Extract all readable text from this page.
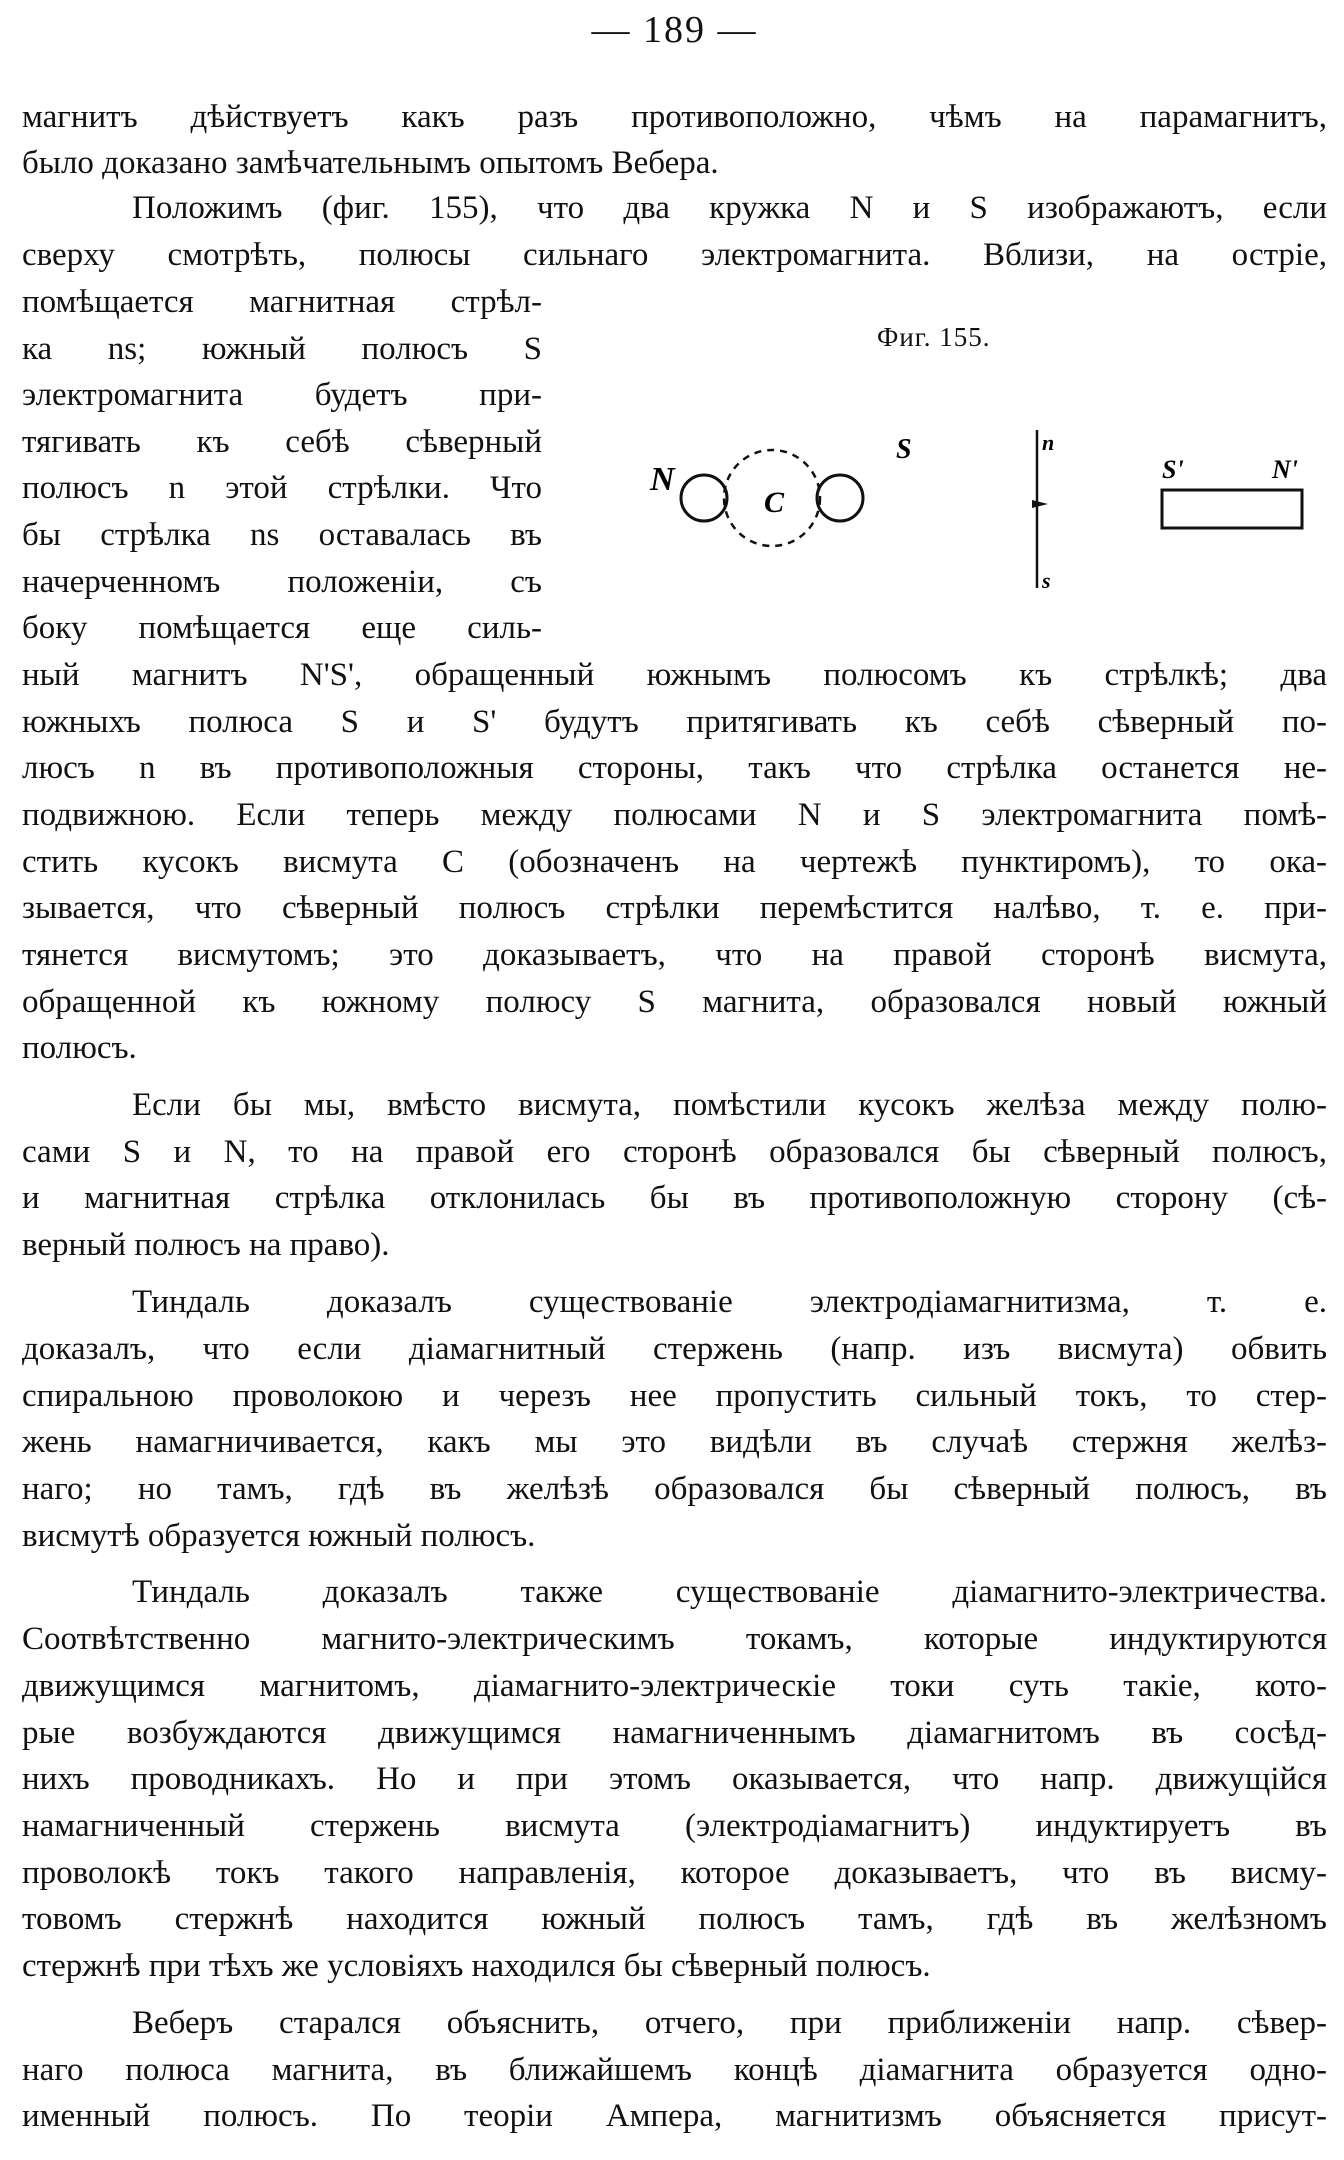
— 189 —
Фиг. 155.
N
C
S	n
s
S'	N'
магнитъ дѣйствуетъ какъ разъ противоположно, чѣмъ на парамагнитъ,
было доказано замѣчательнымъ опытомъ Вебера.
Положимъ (фиг. 155), что два кружка N и S изображаютъ, если
сверху смотрѣть, полюсы сильнаго электромагнита. Вблизи, на остріе,
помѣщается магнитная стрѣл-
ка ns; южный полюсъ S
электромагнита будетъ при-
тягивать къ себѣ сѣверный
полюсъ n этой стрѣлки. Что
бы стрѣлка ns оставалась въ
начерченномъ положеніи, съ
боку помѣщается еще силь-
ный магнитъ N'S', обращенный южнымъ полюсомъ къ стрѣлкѣ; два
южныхъ полюса S и S' будутъ притягивать къ себѣ сѣверный по-
люсъ n въ противоположныя стороны, такъ что стрѣлка останется не-
подвижною. Если теперь между полюсами N и S электромагнита помѣ-
стить кусокъ висмута C (обозначенъ на чертежѣ пунктиромъ), то ока-
зывается, что сѣверный полюсъ стрѣлки перемѣстится налѣво, т. е. при-
тянется висмутомъ; это доказываетъ, что на правой сторонѣ висмута,
обращенной къ южному полюсу S магнита, образовался новый южный
полюсъ.
Если бы мы, вмѣсто висмута, помѣстили кусокъ желѣза между полю-
сами S и N, то на правой его сторонѣ образовался бы сѣверный полюсъ,
и магнитная стрѣлка отклонилась бы въ противоположную сторону (сѣ-
верный полюсъ на право).
Тиндаль доказалъ существованіе электродіамагнитизма, т. е.
доказалъ, что если діамагнитный стержень (напр. изъ висмута) обвить
спиральною проволокою и черезъ нее пропустить сильный токъ, то стер-
жень намагничивается, какъ мы это видѣли въ случаѣ стержня желѣз-
наго; но тамъ, гдѣ въ желѣзѣ образовался бы сѣверный полюсъ, въ
висмутѣ образуется южный полюсъ.
Тиндаль доказалъ также существованіе діамагнито-электричества.
Соотвѣтственно магнито-электрическимъ токамъ, которые индуктируются
движущимся магнитомъ, діамагнито-электрическіе токи суть такіе, кото-
рые возбуждаются движущимся намагниченнымъ діамагнитомъ въ сосѣд-
нихъ проводникахъ. Но и при этомъ оказывается, что напр. движущійся
намагниченный стержень висмута (электродіамагнитъ) индуктируетъ въ
проволокѣ токъ такого направленія, которое доказываетъ, что въ висму-
товомъ стержнѣ находится южный полюсъ тамъ, гдѣ въ желѣзномъ
стержнѣ при тѣхъ же условіяхъ находился бы сѣверный полюсъ.
Веберъ старался объяснить, отчего, при приближеніи напр. сѣвер-
наго полюса магнита, въ ближайшемъ концѣ діамагнита образуется одно-
именный полюсъ. По теоріи Ампера, магнитизмъ объясняется присут-
